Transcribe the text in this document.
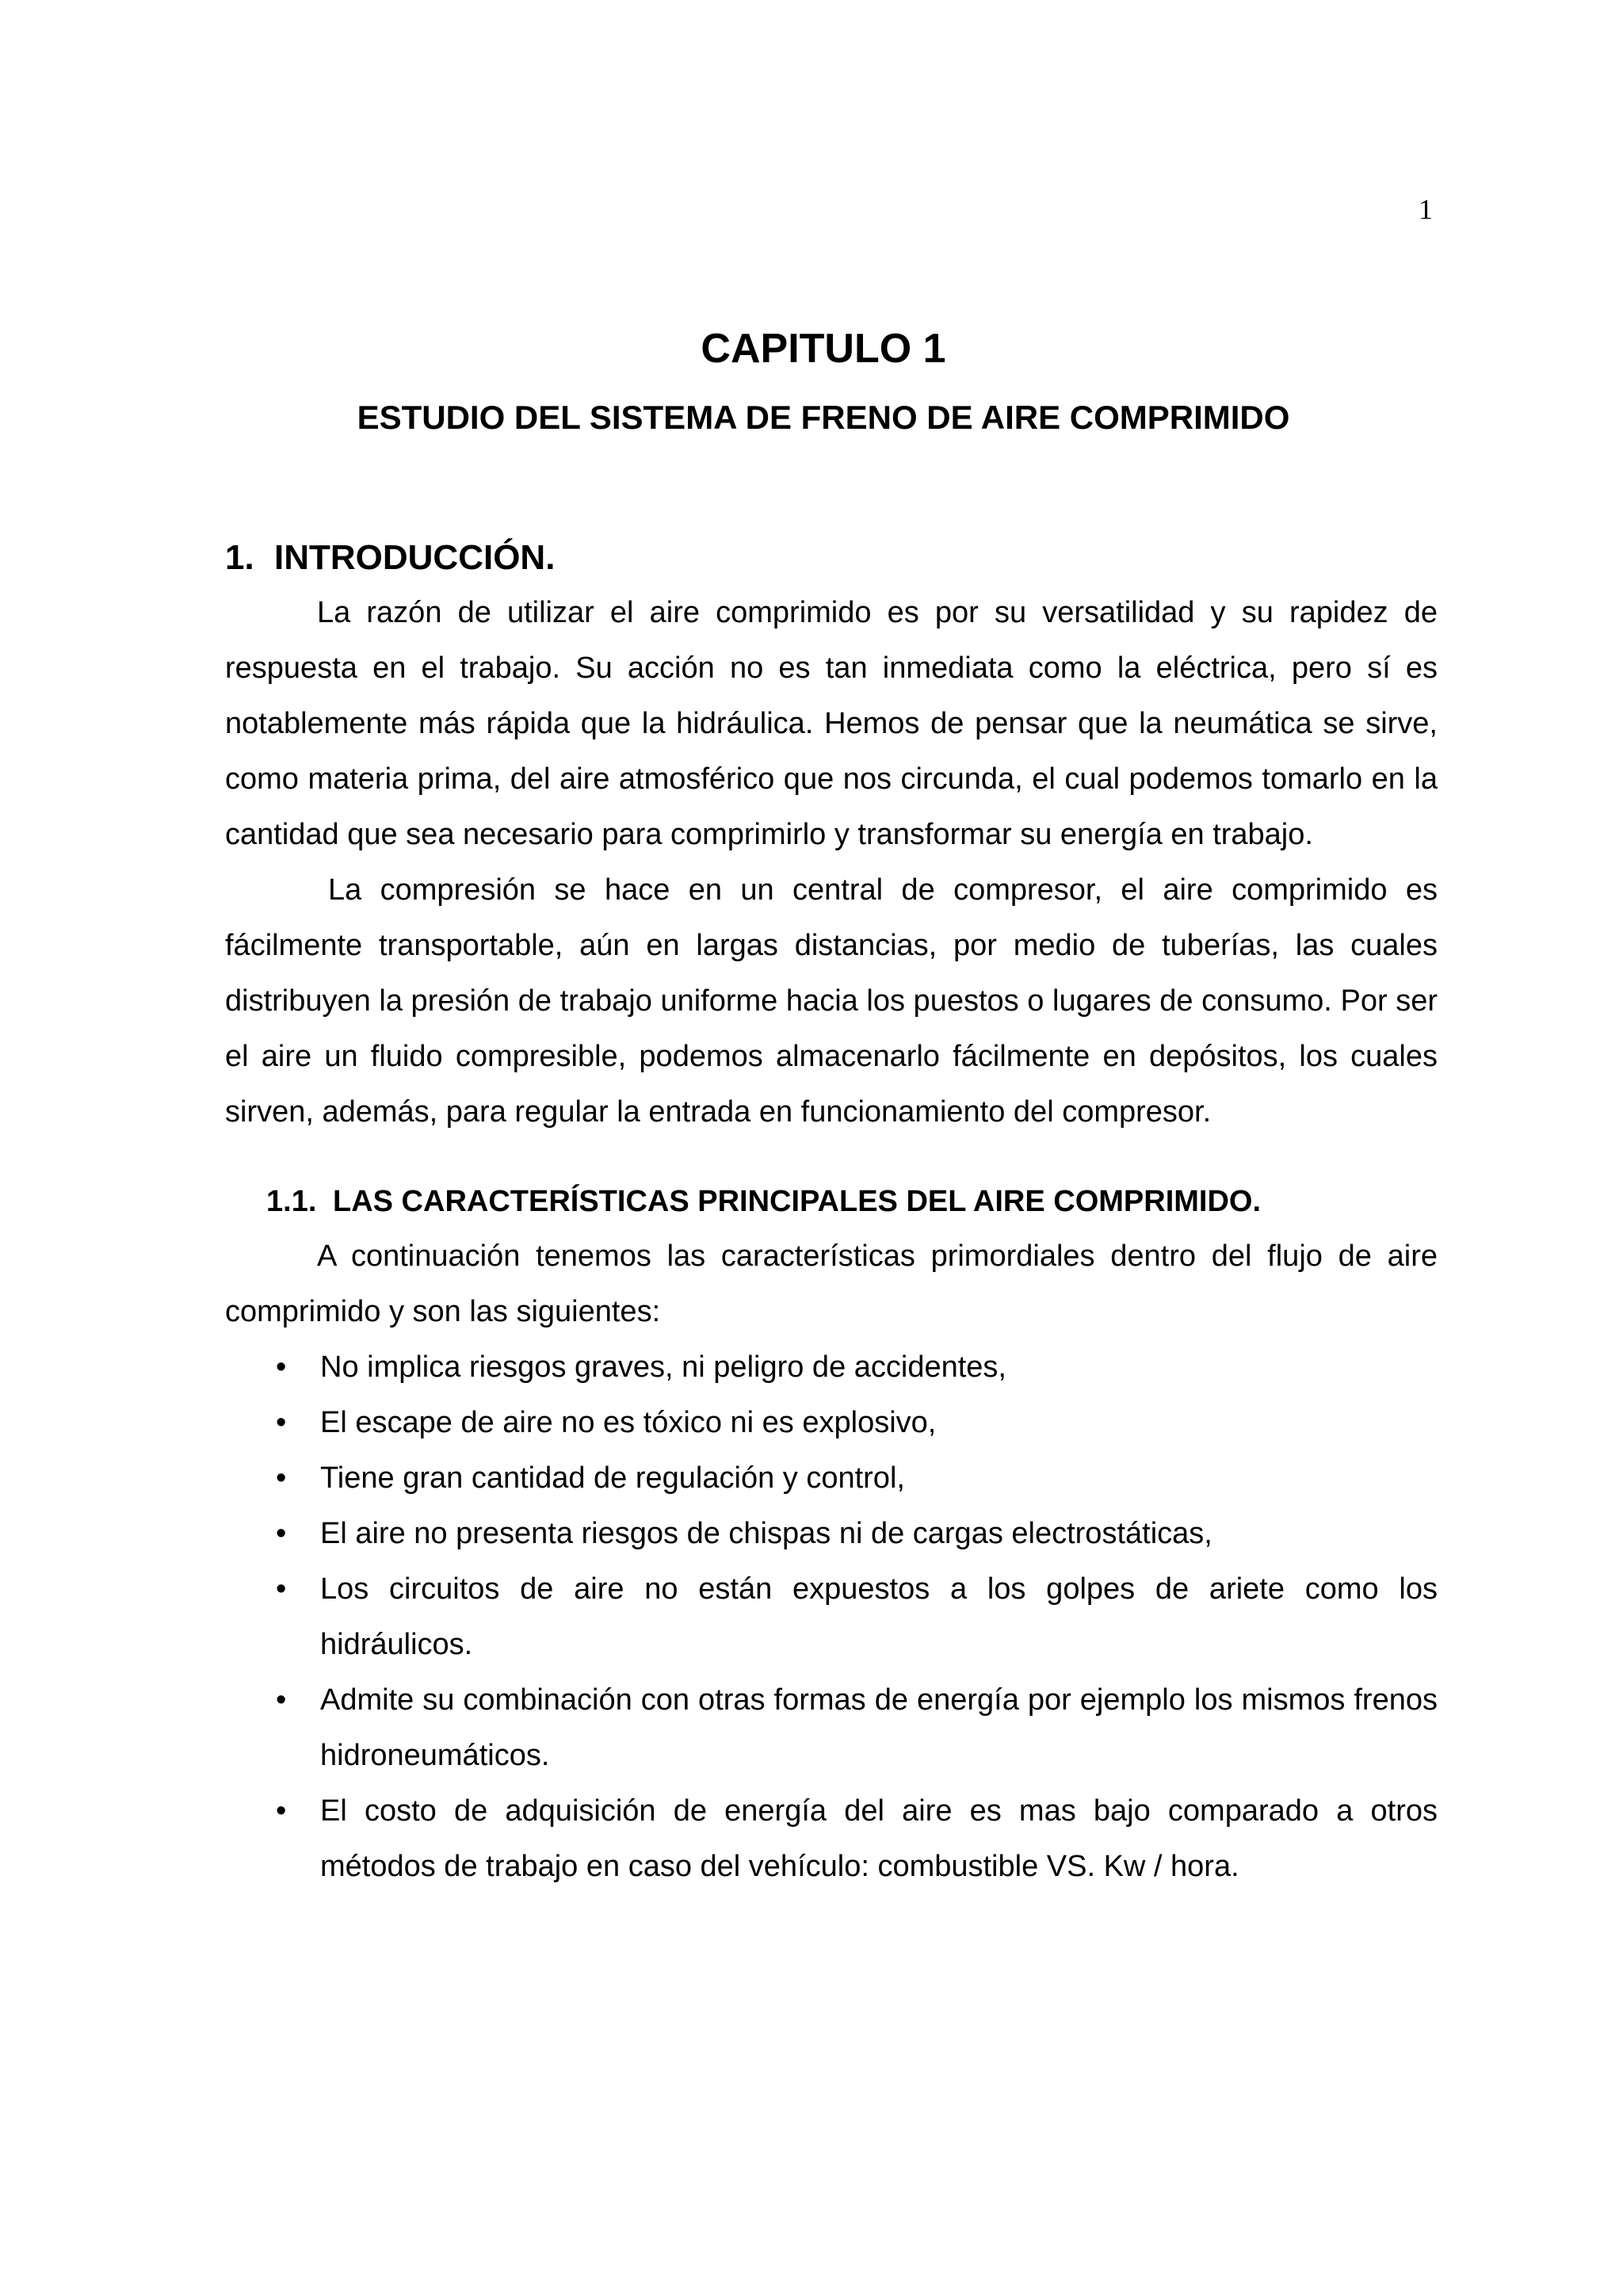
1
CAPITULO 1
ESTUDIO DEL SISTEMA DE FRENO DE AIRE COMPRIMIDO
1. INTRODUCCIÓN.

La razón de utilizar el aire comprimido es por su versatilidad y su rapidez de respuesta en el trabajo. Su acción no es tan inmediata como la eléctrica, pero sí es notablemente más rápida que la hidráulica. Hemos de pensar que la neumática se sirve, como materia prima, del aire atmosférico que nos circunda, el cual podemos tomarlo en la cantidad que sea necesario para comprimirlo y transformar su energía en trabajo.

La compresión se hace en un central de compresor, el aire comprimido es fácilmente transportable, aún en largas distancias, por medio de tuberías, las cuales distribuyen la presión de trabajo uniforme hacia los puestos o lugares de consumo. Por ser el aire un fluido compresible, podemos almacenarlo fácilmente en depósitos, los cuales sirven, además, para regular la entrada en funcionamiento del compresor.

1.1. LAS CARACTERÍSTICAS PRINCIPALES DEL AIRE COMPRIMIDO.

A continuación tenemos las características primordiales dentro del flujo de aire comprimido y son las siguientes:

• No implica riesgos graves, ni peligro de accidentes,
• El escape de aire no es tóxico ni es explosivo,
• Tiene gran cantidad de regulación y control,
• El aire no presenta riesgos de chispas ni de cargas electrostáticas,
• Los circuitos de aire no están expuestos a los golpes de ariete como los hidráulicos.
• Admite su combinación con otras formas de energía por ejemplo los mismos frenos hidroneumáticos.
• El costo de adquisición de energía del aire es mas bajo comparado a otros métodos de trabajo en caso del vehículo: combustible VS. Kw / hora.
